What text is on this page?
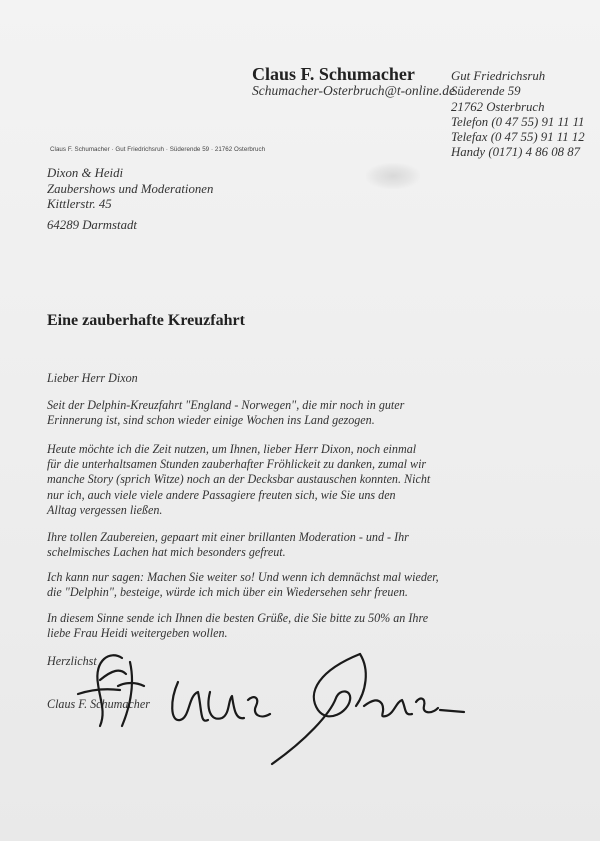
Claus F. Schumacher
Schumacher-Osterbruch@t-online.de
Gut Friedrichsruh
Süderende 59
21762 Osterbruch
Telefon (0 47 55) 91 11 11
Telefax (0 47 55) 91 11 12
Handy (0171) 4 86 08 87
Claus F. Schumacher · Gut Friedrichsruh · Süderende 59 · 21762 Osterbruch
Dixon & Heidi
Zaubershows und Moderationen
Kittlerstr. 45
64289 Darmstadt
Eine zauberhafte Kreuzfahrt
Lieber Herr Dixon
Seit der Delphin-Kreuzfahrt "England - Norwegen", die mir noch in guter
Erinnerung ist, sind schon wieder einige Wochen ins Land gezogen.
Heute möchte ich die Zeit nutzen, um Ihnen, lieber Herr Dixon, noch einmal
für die unterhaltsamen Stunden zauberhafter Fröhlickeit zu danken, zumal wir
manche Story (sprich Witze) noch an der Decksbar austauschen konnten. Nicht
nur ich, auch viele viele andere Passagiere freuten sich, wie Sie uns den
Alltag vergessen ließen.
Ihre tollen Zaubereien, gepaart mit einer brillanten Moderation - und - Ihr
schelmisches Lachen hat mich besonders gefreut.
Ich kann nur sagen: Machen Sie weiter so! Und wenn ich demnächst mal wieder,
die "Delphin", besteige, würde ich mich über ein Wiedersehen sehr freuen.
In diesem Sinne sende ich Ihnen die besten Grüße, die Sie bitte zu 50% an Ihre
liebe Frau Heidi weitergeben wollen.
Herzlichst
Claus F. Schumacher
